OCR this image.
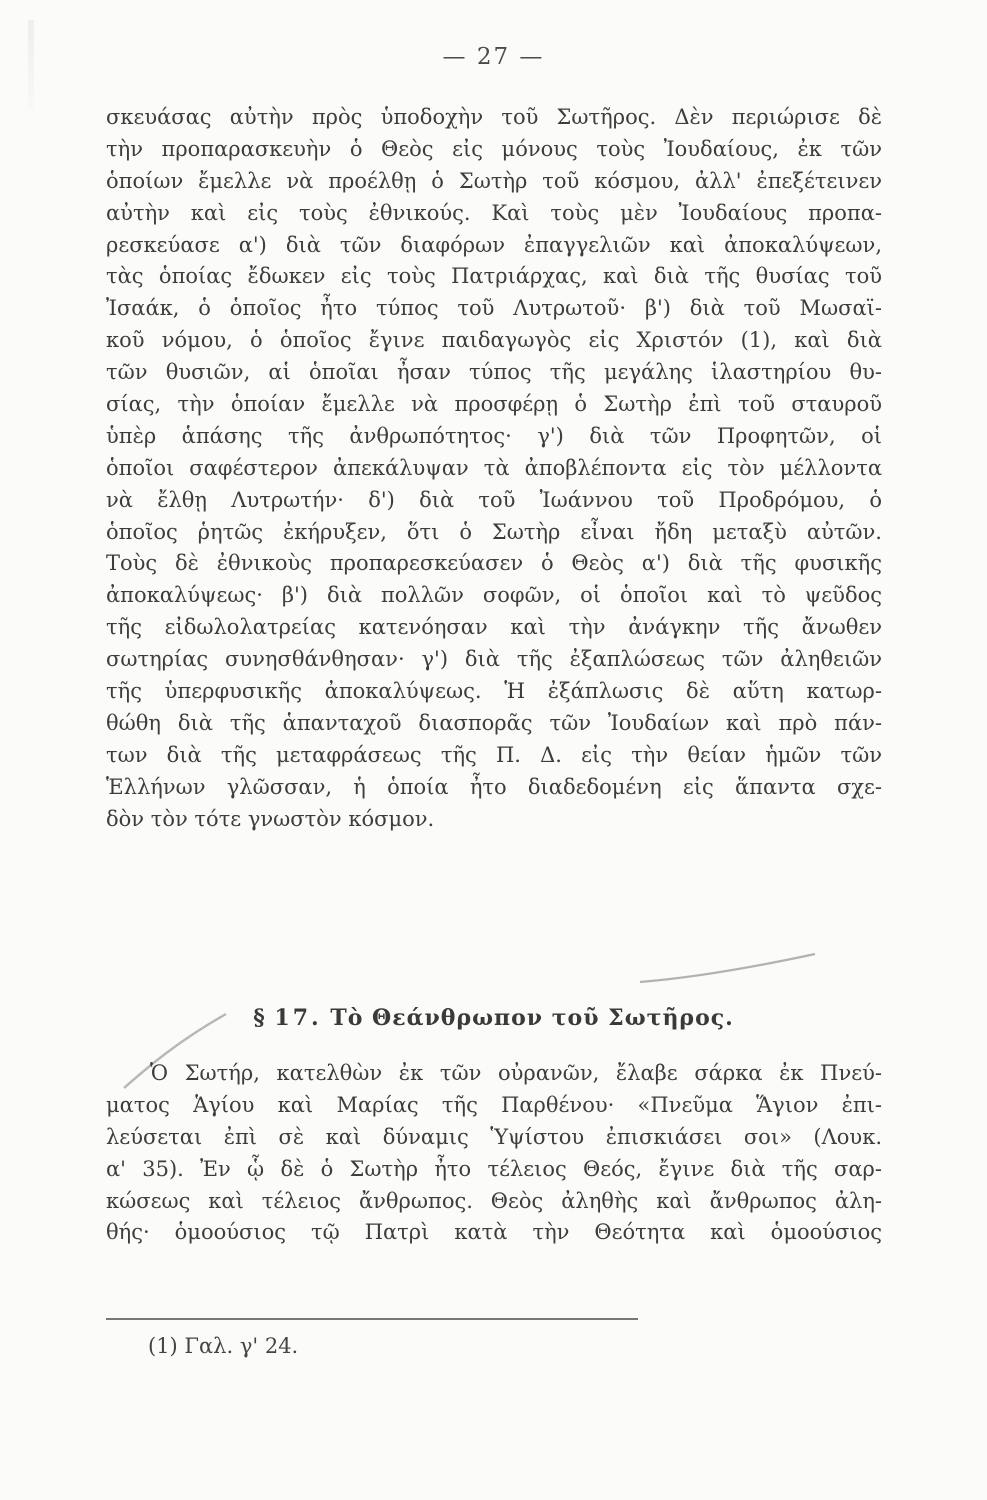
— 27 —
σκευάσας αὐτὴν πρὸς ὑποδοχὴν τοῦ Σωτῆρος. Δὲν περιώρισε δὲ
τὴν προπαρασκευὴν ὁ Θεὸς εἰς μόνους τοὺς Ἰουδαίους, ἐκ τῶν
ὁποίων ἔμελλε νὰ προέλθῃ ὁ Σωτὴρ τοῦ κόσμου, ἀλλ' ἐπεξέτεινεν
αὐτὴν καὶ εἰς τοὺς ἐθνικούς. Καὶ τοὺς μὲν Ἰουδαίους προπα-
ρεσκεύασε α') διὰ τῶν διαφόρων ἐπαγγελιῶν καὶ ἀποκαλύψεων,
τὰς ὁποίας ἔδωκεν εἰς τοὺς Πατριάρχας, καὶ διὰ τῆς θυσίας τοῦ
Ἰσαάκ, ὁ ὁποῖος ἦτο τύπος τοῦ Λυτρωτοῦ· β') διὰ τοῦ Μωσαϊ-
κοῦ νόμου, ὁ ὁποῖος ἔγινε παιδαγωγὸς εἰς Χριστόν (1), καὶ διὰ
τῶν θυσιῶν, αἱ ὁποῖαι ἦσαν τύπος τῆς μεγάλης ἱλαστηρίου θυ-
σίας, τὴν ὁποίαν ἔμελλε νὰ προσφέρῃ ὁ Σωτὴρ ἐπὶ τοῦ σταυροῦ
ὑπὲρ ἁπάσης τῆς ἀνθρωπότητος· γ') διὰ τῶν Προφητῶν, οἱ
ὁποῖοι σαφέστερον ἀπεκάλυψαν τὰ ἀποβλέποντα εἰς τὸν μέλλοντα
νὰ ἔλθῃ Λυτρωτήν· δ') διὰ τοῦ Ἰωάννου τοῦ Προδρόμου, ὁ
ὁποῖος ῥητῶς ἐκήρυξεν, ὅτι ὁ Σωτὴρ εἶναι ἤδη μεταξὺ αὐτῶν.
Τοὺς δὲ ἐθνικοὺς προπαρεσκεύασεν ὁ Θεὸς α') διὰ τῆς φυσικῆς
ἀποκαλύψεως· β') διὰ πολλῶν σοφῶν, οἱ ὁποῖοι καὶ τὸ ψεῦδος
τῆς εἰδωλολατρείας κατενόησαν καὶ τὴν ἀνάγκην τῆς ἄνωθεν
σωτηρίας συνησθάνθησαν· γ') διὰ τῆς ἐξαπλώσεως τῶν ἀληθειῶν
τῆς ὑπερφυσικῆς ἀποκαλύψεως. Ἡ ἐξάπλωσις δὲ αὕτη κατωρ-
θώθη διὰ τῆς ἁπανταχοῦ διασπορᾶς τῶν Ἰουδαίων καὶ πρὸ πάν-
των διὰ τῆς μεταφράσεως τῆς Π. Δ. εἰς τὴν θείαν ἡμῶν τῶν
Ἑλλήνων γλῶσσαν, ἡ ὁποία ἦτο διαδεδομένη εἰς ἅπαντα σχε-
δὸν τὸν τότε γνωστὸν κόσμον.
§ 17. Τὸ Θεάνθρωπον τοῦ Σωτῆρος.
Ὁ Σωτήρ, κατελθὼν ἐκ τῶν οὐρανῶν, ἔλαβε σάρκα ἐκ Πνεύ-
ματος Ἁγίου καὶ Μαρίας τῆς Παρθένου· «Πνεῦμα Ἅγιον ἐπι-
λεύσεται ἐπὶ σὲ καὶ δύναμις Ὑψίστου ἐπισκιάσει σοι» (Λουκ.
α' 35). Ἐν ᾧ δὲ ὁ Σωτὴρ ἦτο τέλειος Θεός, ἔγινε διὰ τῆς σαρ-
κώσεως καὶ τέλειος ἄνθρωπος. Θεὸς ἀληθὴς καὶ ἄνθρωπος ἀλη-
θής· ὁμοούσιος τῷ Πατρὶ κατὰ τὴν Θεότητα καὶ ὁμοούσιος
(1) Γαλ. γ' 24.
